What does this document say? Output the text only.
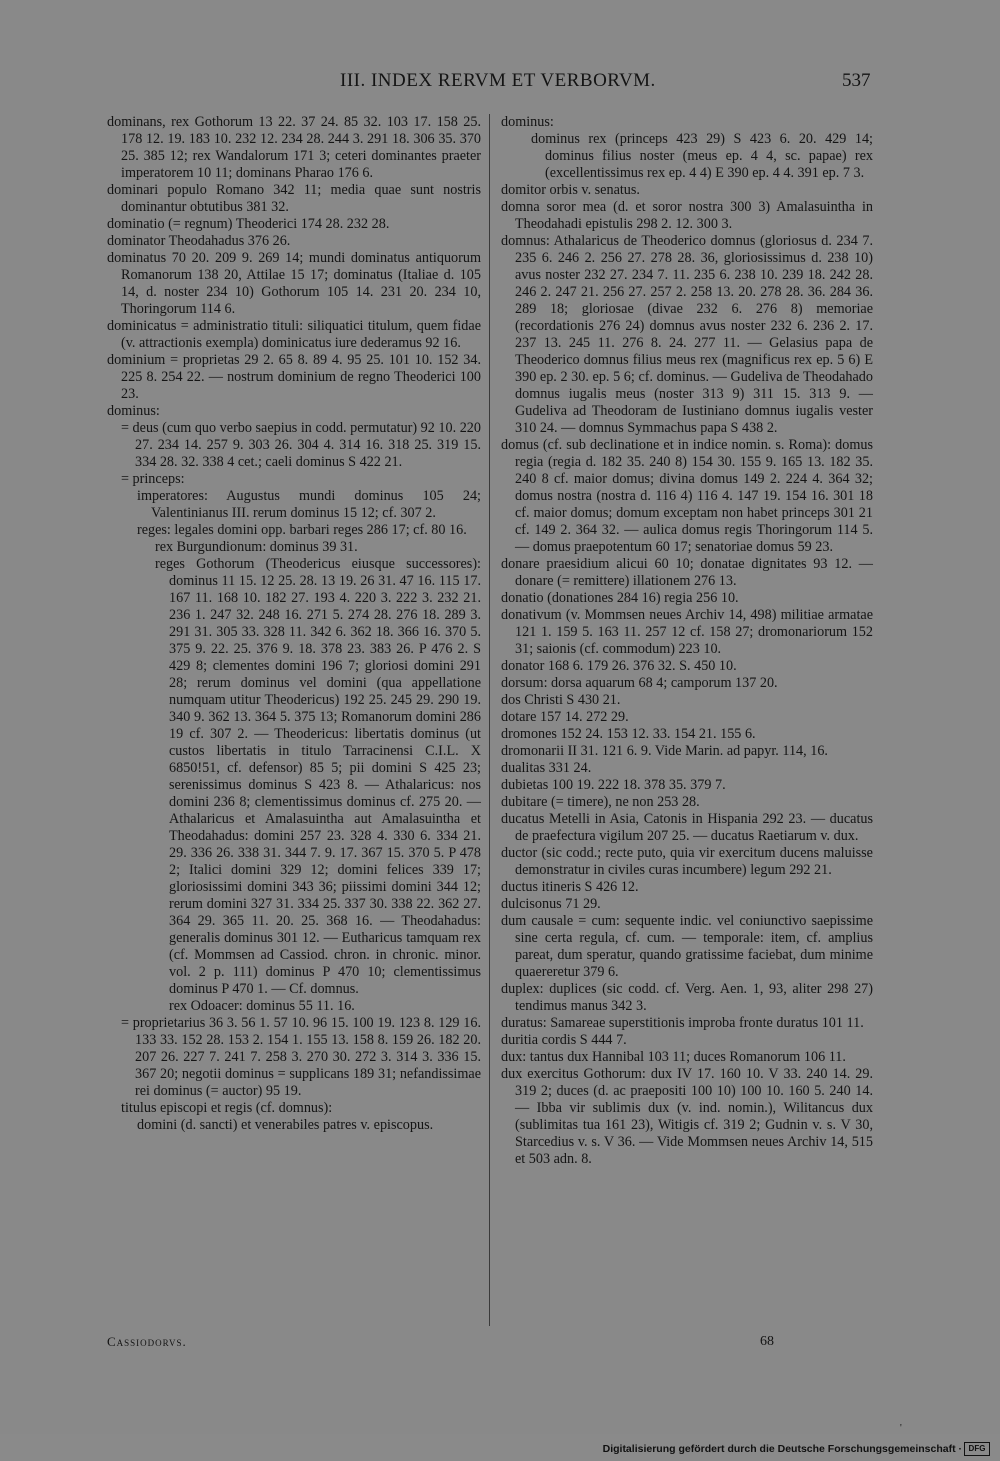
III. INDEX RERVM ET VERBORVM.	537

dominans, rex Gothorum 13 22. 37 24. 85 32. 103 17. 158 25. 178 12. 19. 183 10. 232 12. 234 28. 244 3. 291 18. 306 35. 370 25. 385 12; rex Wandalorum 171 3; ceteri dominantes praeter imperatorem 10 11; dominans Pharao 176 6.

dominari populo Romano 342 11; media quae sunt nostris dominantur obtutibus 381 32.

dominatio (= regnum) Theoderici 174 28. 232 28.

dominator Theodahadus 376 26.

dominatus 70 20. 209 9. 269 14; mundi dominatus antiquorum Romanorum 138 20, Attilae 15 17; dominatus (Italiae d. 105 14, d. noster 234 10) Gothorum 105 14. 231 20. 234 10, Thoringorum 114 6.

dominicatus = administratio tituli: siliquatici titulum, quem fidae (v. attractionis exempla) dominicatus iure dederamus 92 16.

dominium = proprietas 29 2. 65 8. 89 4. 95 25. 101 10. 152 34. 225 8. 254 22. — nostrum dominium de regno Theoderici 100 23.

dominus:

= deus (cum quo verbo saepius in codd. permutatur) 92 10. 220 27. 234 14. 257 9. 303 26. 304 4. 314 16. 318 25. 319 15. 334 28. 32. 338 4 cet.; caeli dominus S 422 21.

= princeps:

imperatores: Augustus mundi dominus 105 24; Valentinianus III. rerum dominus 15 12; cf. 307 2.

reges: legales domini opp. barbari reges 286 17; cf. 80 16.

rex Burgundionum: dominus 39 31.

reges Gothorum (Theodericus eiusque successores): dominus 11 15. 12 25. 28. 13 19. 26 31. 47 16. 115 17. 167 11. 168 10. 182 27. 193 4. 220 3. 222 3. 232 21. 236 1. 247 32. 248 16. 271 5. 274 28. 276 18. 289 3. 291 31. 305 33. 328 11. 342 6. 362 18. 366 16. 370 5. 375 9. 22. 25. 376 9. 18. 378 23. 383 26. P 476 2. S 429 8; clementes domini 196 7; gloriosi domini 291 28; rerum dominus vel domini (qua appellatione numquam utitur Theodericus) 192 25. 245 29. 290 19. 340 9. 362 13. 364 5. 375 13; Romanorum domini 286 19 cf. 307 2. — Theodericus: libertatis dominus (ut custos libertatis in titulo Tarracinensi C.I.L. X 6850!51, cf. defensor) 85 5; pii domini S 425 23; serenissimus dominus S 423 8. — Athalaricus: nos domini 236 8; clementissimus dominus cf. 275 20. — Athalaricus et Amalasuintha aut Amalasuintha et Theodahadus: domini 257 23. 328 4. 330 6. 334 21. 29. 336 26. 338 31. 344 7. 9. 17. 367 15. 370 5. P 478 2; Italici domini 329 12; domini felices 339 17; gloriosissimi domini 343 36; piissimi domini 344 12; rerum domini 327 31. 334 25. 337 30. 338 22. 362 27. 364 29. 365 11. 20. 25. 368 16. — Theodahadus: generalis dominus 301 12. — Eutharicus tamquam rex (cf. Mommsen ad Cassiod. chron. in chronic. minor. vol. 2 p. 111) dominus P 470 10; clementissimus dominus P 470 1. — Cf. domnus.

rex Odoacer: dominus 55 11. 16.

= proprietarius 36 3. 56 1. 57 10. 96 15. 100 19. 123 8. 129 16. 133 33. 152 28. 153 2. 154 1. 155 13. 158 8. 159 26. 182 20. 207 26. 227 7. 241 7. 258 3. 270 30. 272 3. 314 3. 336 15. 367 20; negotii dominus = supplicans 189 31; nefandissimae rei dominus (= auctor) 95 19.

titulus episcopi et regis (cf. domnus):

domini (d. sancti) et venerabiles patres v. episcopus.

dominus:

dominus rex (princeps 423 29) S 423 6. 20. 429 14; dominus filius noster (meus ep. 4 4, sc. papae) rex (excellentissimus rex ep. 4 4) E 390 ep. 4 4. 391 ep. 7 3.

domitor orbis v. senatus.

domna soror mea (d. et soror nostra 300 3) Amalasuintha in Theodahadi epistulis 298 2. 12. 300 3.

domnus: Athalaricus de Theoderico domnus (gloriosus d. 234 7. 235 6. 246 2. 256 27. 278 28. 36, gloriosissimus d. 238 10) avus noster 232 27. 234 7. 11. 235 6. 238 10. 239 18. 242 28. 246 2. 247 21. 256 27. 257 2. 258 13. 20. 278 28. 36. 284 36. 289 18; gloriosae (divae 232 6. 276 8) memoriae (recordationis 276 24) domnus avus noster 232 6. 236 2. 17. 237 13. 245 11. 276 8. 24. 277 11. — Gelasius papa de Theoderico domnus filius meus rex (magnificus rex ep. 5 6) E 390 ep. 2 30. ep. 5 6; cf. dominus. — Gudeliva de Theodahado domnus iugalis meus (noster 313 9) 311 15. 313 9. — Gudeliva ad Theodoram de Iustiniano domnus iugalis vester 310 24. — domnus Symmachus papa S 438 2.

domus (cf. sub declinatione et in indice nomin. s. Roma): domus regia (regia d. 182 35. 240 8) 154 30. 155 9. 165 13. 182 35. 240 8 cf. maior domus; divina domus 149 2. 224 4. 364 32; domus nostra (nostra d. 116 4) 116 4. 147 19. 154 16. 301 18 cf. maior domus; domum exceptam non habet princeps 301 21 cf. 149 2. 364 32. — aulica domus regis Thoringorum 114 5. — domus praepotentum 60 17; senatoriae domus 59 23.

donare praesidium alicui 60 10; donatae dignitates 93 12. — donare (= remittere) illationem 276 13.

donatio (donationes 284 16) regia 256 10.

donativum (v. Mommsen neues Archiv 14, 498) militiae armatae 121 1. 159 5. 163 11. 257 12 cf. 158 27; dromonariorum 152 31; saionis (cf. commodum) 223 10.

donator 168 6. 179 26. 376 32. S. 450 10.

dorsum: dorsa aquarum 68 4; camporum 137 20.

dos Christi S 430 21.

dotare 157 14. 272 29.

dromones 152 24. 153 12. 33. 154 21. 155 6.

dromonarii II 31. 121 6. 9. Vide Marin. ad papyr. 114, 16.

dualitas 331 24.

dubietas 100 19. 222 18. 378 35. 379 7.

dubitare (= timere), ne non 253 28.

ducatus Metelli in Asia, Catonis in Hispania 292 23. — ducatus de praefectura vigilum 207 25. — ducatus Raetiarum v. dux.

ductor (sic codd.; recte puto, quia vir exercitum ducens maluisse demonstratur in civiles curas incumbere) legum 292 21.

ductus itineris S 426 12.

dulcisonus 71 29.

dum causale = cum: sequente indic. vel coniunctivo saepissime sine certa regula, cf. cum. — temporale: item, cf. amplius pareat, dum speratur, quando gratissime faciebat, dum minime quaereretur 379 6.

duplex: duplices (sic codd. cf. Verg. Aen. 1, 93, aliter 298 27) tendimus manus 342 3.

duratus: Samareae superstitionis improba fronte duratus 101 11.

duritia cordis S 444 7.

dux: tantus dux Hannibal 103 11; duces Romanorum 106 11.

dux exercitus Gothorum: dux IV 17. 160 10. V 33. 240 14. 29. 319 2; duces (d. ac praepositi 100 10) 100 10. 160 5. 240 14. — Ibba vir sublimis dux (v. ind. nomin.), Wilitancus dux (sublimitas tua 161 23), Witigis cf. 319 2; Gudnin v. s. V 30, Starcedius v. s. V 36. — Vide Mommsen neues Archiv 14, 515 et 503 adn. 8.

Cassiodorvs.	68
'
Digitalisierung gefördert durch die Deutsche Forschungsgemeinschaft · DFG
